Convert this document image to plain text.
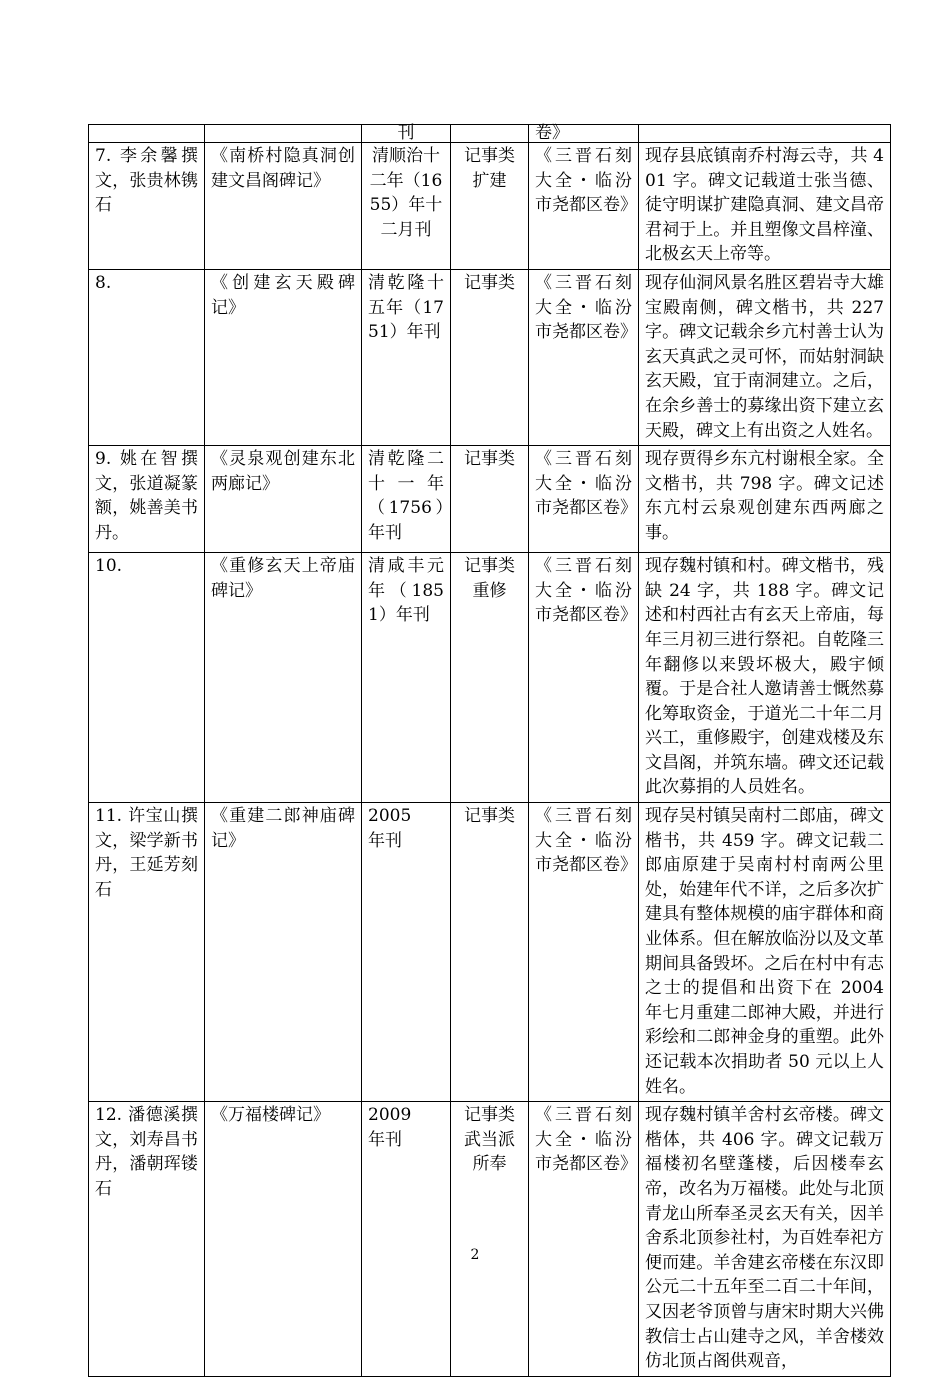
		刊		卷》	
7. 李余馨撰文，张贵林镌石	《南桥村隐真洞创建文昌阁碑记》	清顺治十二年（1655）年十二月刊	记事类扩建	《三晋石刻大全・临汾市尧都区卷》	现存县底镇南乔村海云寺，共 401 字。碑文记载道士张当德、徒守明谋扩建隐真洞、建文昌帝君祠于上。并且塑像文昌梓潼、北极玄天上帝等。
8.	《创建玄天殿碑记》	清乾隆十五年（1751）年刊	记事类	《三晋石刻大全・临汾市尧都区卷》	现存仙洞风景名胜区碧岩寺大雄宝殿南侧，碑文楷书，共 227 字。碑文记载余乡亢村善士认为玄天真武之灵可怀，而姑射洞缺玄天殿，宜于南洞建立。之后，在余乡善士的募缘出资下建立玄天殿，碑文上有出资之人姓名。
9. 姚在智撰文，张道凝篆额，姚善美书丹。	《灵泉观创建东北两廊记》	清乾隆二十一年（1756）年刊	记事类	《三晋石刻大全・临汾市尧都区卷》	现存贾得乡东亢村谢根全家。全文楷书，共 798 字。碑文记述东亢村云泉观创建东西两廊之事。
10.	《重修玄天上帝庙碑记》	清咸丰元年（1851）年刊	记事类重修	《三晋石刻大全・临汾市尧都区卷》	现存魏村镇和村。碑文楷书，残缺 24 字，共 188 字。碑文记述和村西社古有玄天上帝庙，每年三月初三进行祭祀。自乾隆三年翻修以来毁坏极大，殿宇倾覆。于是合社人邀请善士慨然募化筹取资金，于道光二十年二月兴工，重修殿宇，创建戏楼及东文昌阁，并筑东墙。碑文还记载此次募捐的人员姓名。
11. 许宝山撰文，梁学新书丹，王延芳刻石	《重建二郎神庙碑记》	2005　年刊	记事类	《三晋石刻大全・临汾市尧都区卷》	现存吴村镇吴南村二郎庙，碑文楷书，共 459 字。碑文记载二郎庙原建于吴南村村南两公里处，始建年代不详，之后多次扩建具有整体规模的庙宇群体和商业体系。但在解放临汾以及文革期间具备毁坏。之后在村中有志之士的提倡和出资下在 2004 年七月重建二郎神大殿，并进行彩绘和二郎神金身的重塑。此外还记载本次捐助者 50 元以上人姓名。
12. 潘德溪撰文，刘寿昌书丹，潘朝珲镂石	《万福楼碑记》	2009　年刊	记事类武当派所奉	《三晋石刻大全・临汾市尧都区卷》	现存魏村镇羊舍村玄帝楼。碑文楷体，共 406 字。碑文记载万福楼初名壁蓬楼，后因楼奉玄帝，改名为万福楼。此处与北顶青龙山所奉圣灵玄天有关，因羊舍系北顶参社村，为百姓奉祀方便而建。羊舍建玄帝楼在东汉即公元二十五年至二百二十年间，又因老爷顶曾与唐宋时期大兴佛教信士占山建寺之风，羊舍楼效仿北顶占阁供观音，
2
